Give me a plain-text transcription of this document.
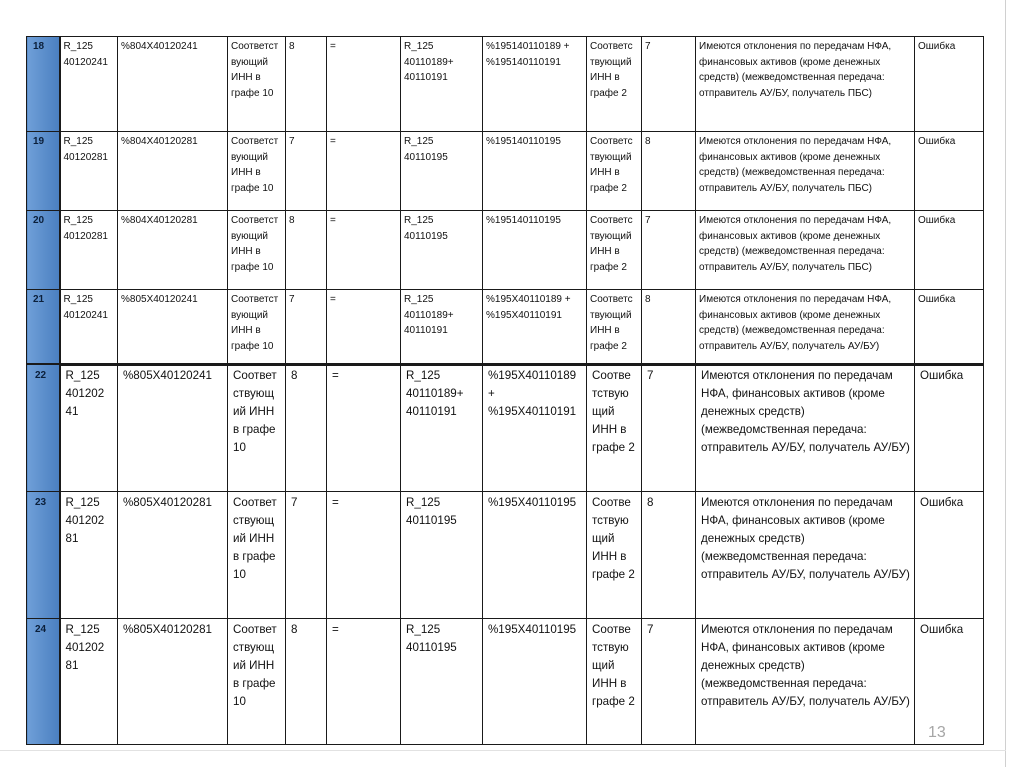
18	R_125 40120241	%804X40120241	Соответст вующий ИНН в графе 10	8	=	R_125 40110189+ 40110191	%195140110189 + %195140110191	Соответс твующий ИНН в графе 2	7	Имеются отклонения по передачам НФА, финансовых активов (кроме денежных средств) (межведомственная передача: отправитель АУ/БУ, получатель ПБС)	Ошибка
19	R_125 40120281	%804X40120281	Соответст вующий ИНН в графе 10	7	=	R_125 40110195	%195140110195	Соответс твующий ИНН в графе 2	8	Имеются отклонения по передачам НФА, финансовых активов (кроме денежных средств) (межведомственная передача: отправитель АУ/БУ, получатель ПБС)	Ошибка
20	R_125 40120281	%804X40120281	Соответст вующий ИНН в графе 10	8	=	R_125 40110195	%195140110195	Соответс твующий ИНН в графе 2	7	Имеются отклонения по передачам НФА, финансовых активов (кроме денежных средств) (межведомственная передача: отправитель АУ/БУ, получатель ПБС)	Ошибка
21	R_125 40120241	%805X40120241	Соответст вующий ИНН в графе 10	7	=	R_125 40110189+ 40110191	%195X40110189 + %195X40110191	Соответс твующий ИНН в графе 2	8	Имеются отклонения по передачам НФА, финансовых активов (кроме денежных средств) (межведомственная передача: отправитель АУ/БУ, получатель АУ/БУ)	Ошибка
22	R_125 401202 41	%805X40120241	Соответ ствующ ий ИНН в графе 10	8	=	R_125 40110189+ 40110191	%195X40110189 + %195X40110191	Соотве тствую щий ИНН в графе 2	7	Имеются отклонения по передачам НФА, финансовых активов (кроме денежных средств) (межведомственная передача: отправитель АУ/БУ, получатель АУ/БУ)	Ошибка
23	R_125 401202 81	%805X40120281	Соответ ствующ ий ИНН в графе 10	7	=	R_125 40110195	%195X40110195	Соотве тствую щий ИНН в графе 2	8	Имеются отклонения по передачам НФА, финансовых активов (кроме денежных средств) (межведомственная передача: отправитель АУ/БУ, получатель АУ/БУ)	Ошибка
24	R_125 401202 81	%805X40120281	Соответ ствующ ий ИНН в графе 10	8	=	R_125 40110195	%195X40110195	Соотве тствую щий ИНН в графе 2	7	Имеются отклонения по передачам НФА, финансовых активов (кроме денежных средств) (межведомственная передача: отправитель АУ/БУ, получатель АУ/БУ)	Ошибка
13
